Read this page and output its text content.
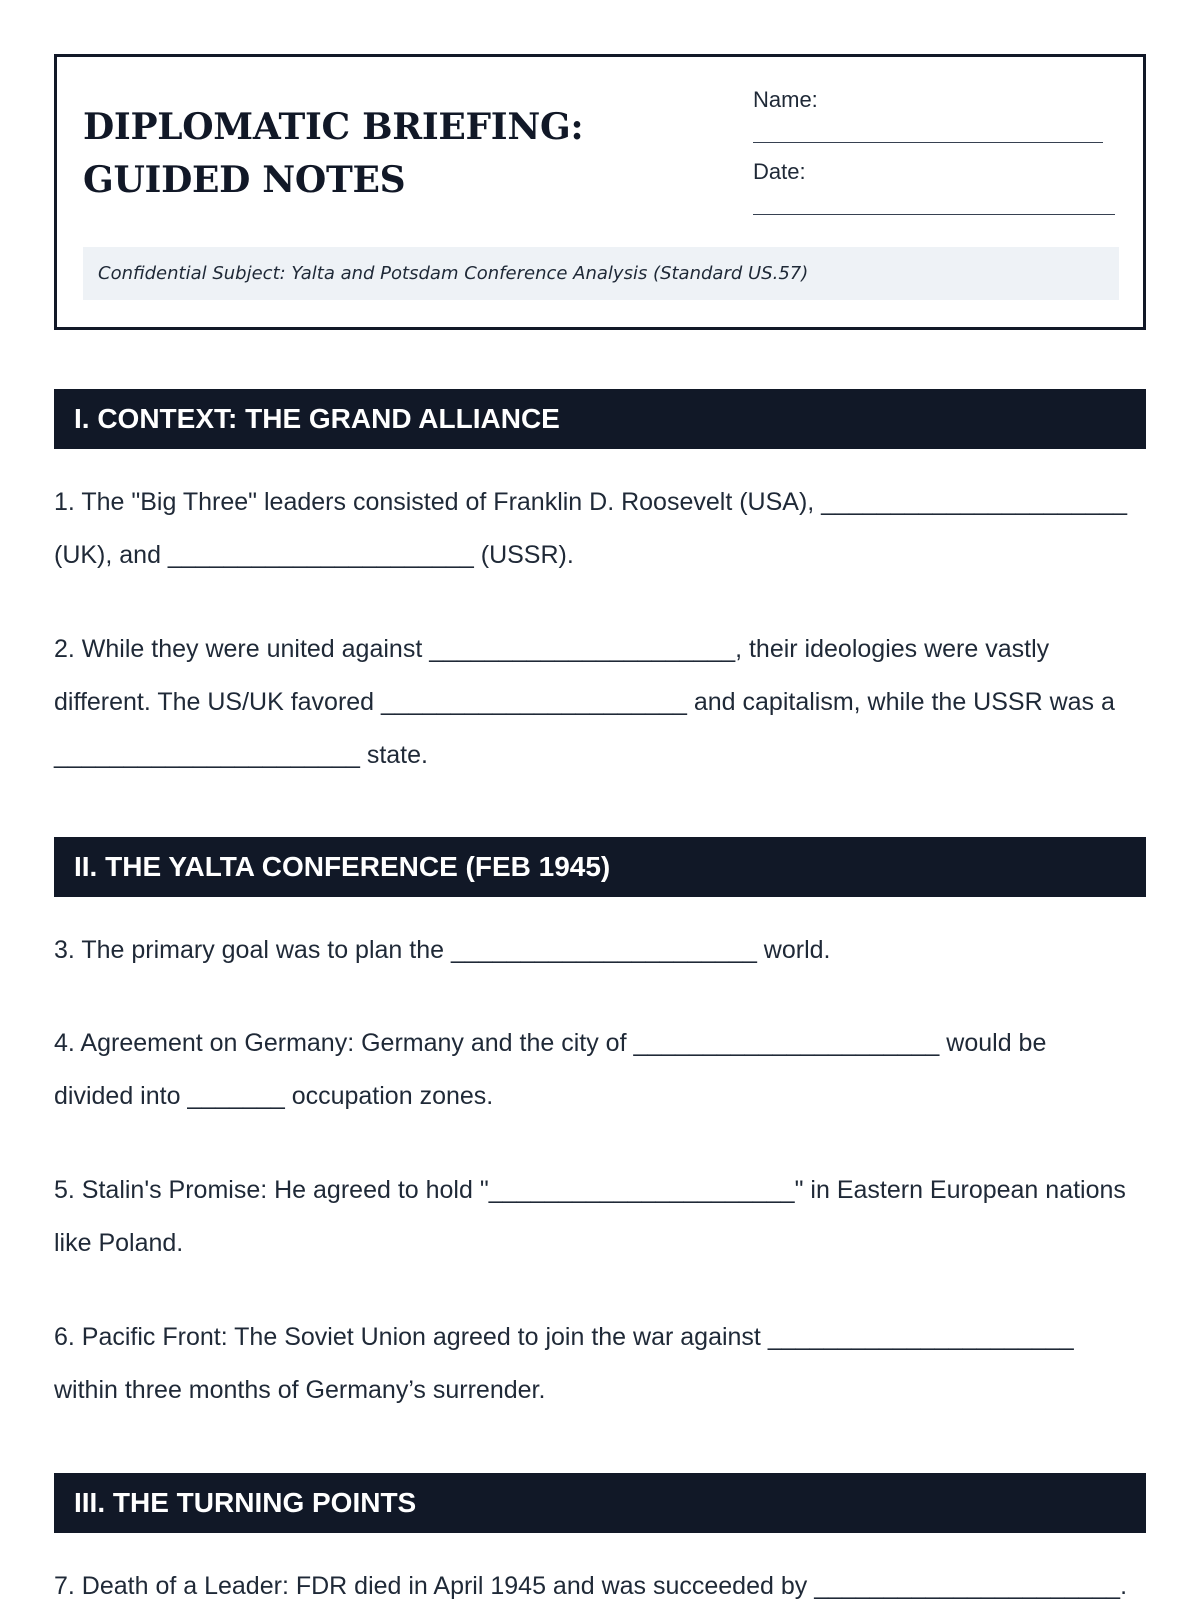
DIPLOMATIC BRIEFING: GUIDED NOTES
Name:
Date:
Confidential Subject: Yalta and Potsdam Conference Analysis (Standard US.57)
I. CONTEXT: THE GRAND ALLIANCE
1. The "Big Three" leaders consisted of Franklin D. Roosevelt (USA), ______________________
(UK), and ______________________ (USSR).
2. While they were united against ______________________, their ideologies were vastly
different. The US/UK favored ______________________ and capitalism, while the USSR was a
______________________ state.
II. THE YALTA CONFERENCE (FEB 1945)
3. The primary goal was to plan the ______________________ world.
4. Agreement on Germany: Germany and the city of ______________________ would be
divided into _______ occupation zones.
5. Stalin's Promise: He agreed to hold "______________________" in Eastern European nations
like Poland.
6. Pacific Front: The Soviet Union agreed to join the war against ______________________
within three months of Germany’s surrender.
III. THE TURNING POINTS
7. Death of a Leader: FDR died in April 1945 and was succeeded by ______________________.
